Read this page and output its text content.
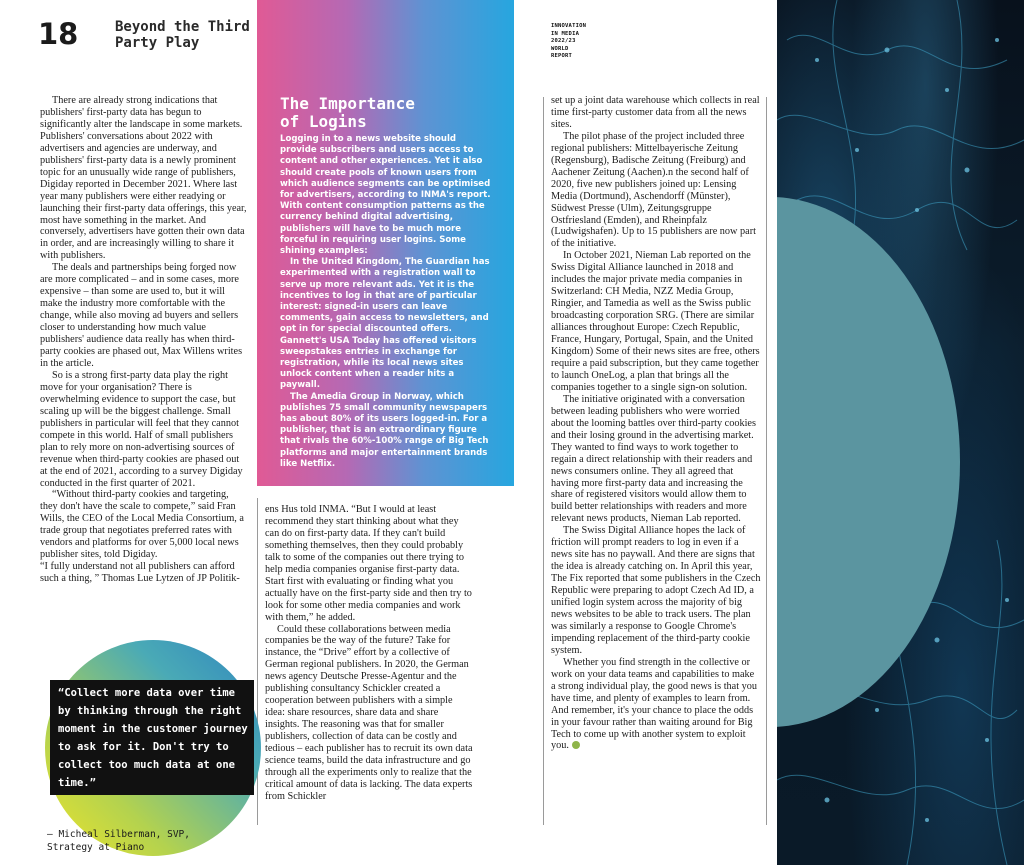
18	Beyond the Third
Party Play
INNOVATION
IN MEDIA
2022/23
WORLD
REPORT
The Importance
of Logins

Logging in to a news website should provide subscribers and users access to content and other experiences. Yet it also should create pools of known users from which audience segments can be optimised for advertisers, according to INMA's report. With content consumption patterns as the currency behind digital advertising, publishers will have to be much more forceful in requiring user logins. Some shining examples:

In the United Kingdom, The Guardian has experimented with a registration wall to serve up more relevant ads. Yet it is the incentives to log in that are of particular interest: signed-in users can leave comments, gain access to newsletters, and opt in for special discounted offers. Gannett's USA Today has offered visitors sweepstakes entries in exchange for registration, while its local news sites unlock content when a reader hits a paywall.

The Amedia Group in Norway, which publishes 75 small community newspapers has about 80% of its users logged-in. For a publisher, that is an extraordinary figure that rivals the 60%-100% range of Big Tech platforms and major entertainment brands like Netflix.

There are already strong indications that publishers' first-party data has begun to significantly alter the landscape in some markets. Publishers' conversations about 2022 with advertisers and agencies are underway, and publishers' first-party data is a newly prominent topic for an unusually wide range of publishers, Digiday reported in December 2021. Where last year many publishers were either readying or launching their first-party data offerings, this year, most have something in the market. And conversely, advertisers have gotten their own data in order, and are increasingly willing to share it with publishers.

The deals and partnerships being forged now are more complicated – and in some cases, more expensive – than some are used to, but it will make the industry more comfortable with the change, while also moving ad buyers and sellers closer to understanding how much value publishers' audience data really has when third-party cookies are phased out, Max Willens writes in the article.

So is a strong first-party data play the right move for your organisation? There is overwhelming evidence to support the case, but scaling up will be the biggest challenge. Small publishers in particular will feel that they cannot compete in this world. Half of small publishers plan to rely more on non-advertising sources of revenue when third-party cookies are phased out at the end of 2021, according to a survey Digiday conducted in the first quarter of 2021.

“Without third-party cookies and targeting, they don't have the scale to compete,” said Fran Wills, the CEO of the Local Media Consortium, a trade group that negotiates preferred rates with vendors and platforms for over 5,000 local news publisher sites, told Digiday.

“I fully understand not all publishers can afford such a thing, ” Thomas Lue Lytzen of JP Politik-

ens Hus told INMA. “But I would at least recommend they start thinking about what they can do on first-party data. If they can't build something themselves, then they could probably talk to some of the companies out there trying to help media companies organise first-party data. Start first with evaluating or finding what you actually have on the first-party side and then try to look for some other media companies and work with them,” he added.

Could these collaborations between media companies be the way of the future? Take for instance, the “Drive” effort by a collective of German regional publishers. In 2020, the German news agency Deutsche Presse-Agentur and the publishing consultancy Schickler created a cooperation between publishers with a simple idea: share resources, share data and share insights. The reasoning was that for smaller publishers, collection of data can be costly and tedious – each publisher has to recruit its own data science teams, build the data infrastructure and go through all the experiments only to realize that the critical amount of data is lacking. The data experts from Schickler

set up a joint data warehouse which collects in real time first-party customer data from all the news sites.

The pilot phase of the project included three regional publishers: Mittelbayerische Zeitung (Regensburg), Badische Zeitung (Freiburg) and Aachener Zeitung (Aachen).n the second half of 2020, five new publishers joined up: Lensing Media (Dortmund), Aschendorff (Münster), Südwest Presse (Ulm), Zeitungsgruppe Ostfriesland (Emden), and Rheinpfalz (Ludwigshafen). Up to 15 publishers are now part of the initiative.

In October 2021, Nieman Lab reported on the Swiss Digital Alliance launched in 2018 and includes the major private media companies in Switzerland: CH Media, NZZ Media Group, Ringier, and Tamedia as well as the Swiss public broadcasting corporation SRG. (There are similar alliances throughout Europe: Czech Republic, France, Hungary, Portugal, Spain, and the United Kingdom) Some of their news sites are free, others require a paid subscription, but they came together to launch OneLog, a plan that brings all the companies together to a single sign-on solution.

The initiative originated with a conversation between leading publishers who were worried about the looming battles over third-party cookies and their losing ground in the advertising market. They wanted to find ways to work together to regain a direct relationship with their readers and news consumers online. They all agreed that having more first-party data and increasing the share of registered visitors would allow them to build better relationships with readers and more relevant news products, Nieman Lab reported.

The Swiss Digital Alliance hopes the lack of friction will prompt readers to log in even if a news site has no paywall. And there are signs that the idea is already catching on. In April this year, The Fix reported that some publishers in the Czech Republic were preparing to adopt Czech Ad ID, a unified login system across the majority of big news websites to be able to track users. The plan was similarly a response to Google Chrome's impending replacement of the third-party cookie system.

Whether you find strength in the collective or work on your data teams and capabilities to make a strong individual play, the good news is that you have time, and plenty of examples to learn from. And remember, it's your chance to place the odds in your favour rather than waiting around for Big Tech to come up with another system to exploit you.

“Collect more data over time by thinking through the right moment in the customer journey to ask for it. Don't try to collect too much data at one time.”
— Micheal Silberman, SVP,
Strategy at Piano
